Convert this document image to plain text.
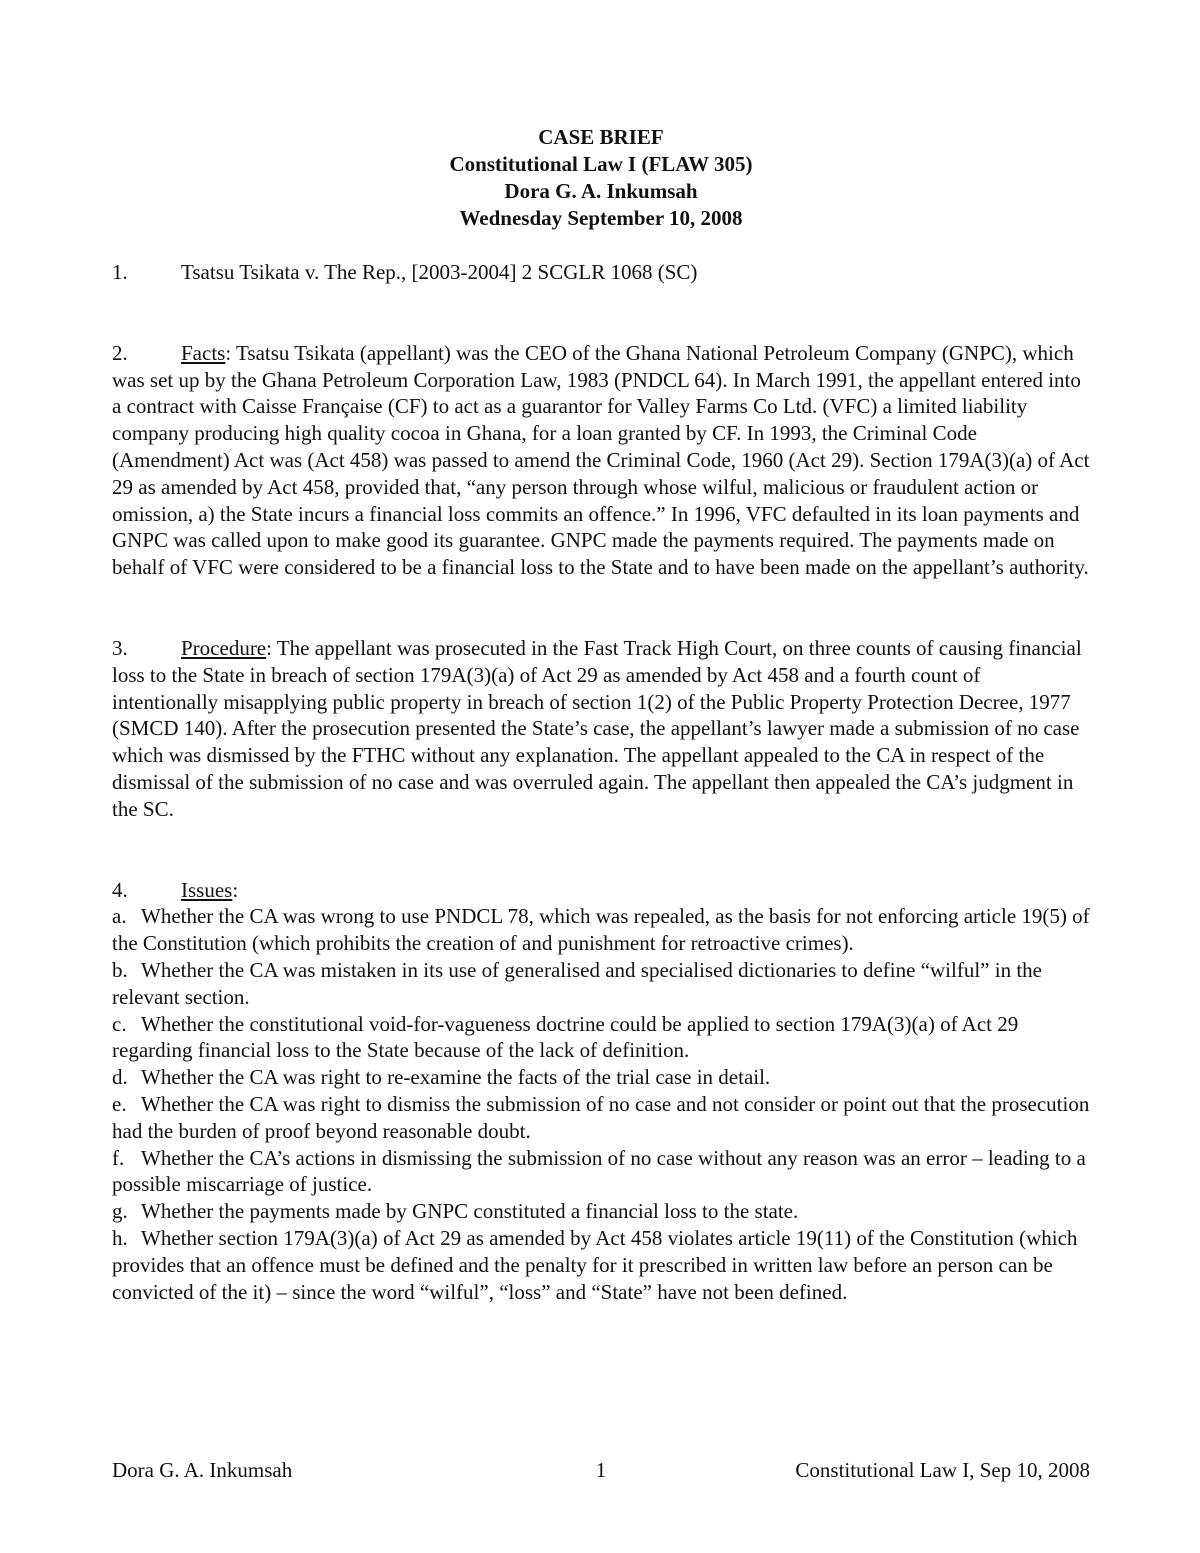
CASE BRIEF
Constitutional Law I (FLAW 305)
Dora G. A. Inkumsah
Wednesday September 10, 2008
1.	Tsatsu Tsikata v. The Rep., [2003-2004] 2 SCGLR 1068 (SC)
2.	Facts: Tsatsu Tsikata (appellant) was the CEO of the Ghana National Petroleum Company (GNPC), which was set up by the Ghana Petroleum Corporation Law, 1983 (PNDCL 64). In March 1991, the appellant entered into a contract with Caisse Française (CF) to act as a guarantor for Valley Farms Co Ltd. (VFC) a limited liability company producing high quality cocoa in Ghana, for a loan granted by CF. In 1993, the Criminal Code (Amendment) Act was (Act 458) was passed to amend the Criminal Code, 1960 (Act 29). Section 179A(3)(a) of Act 29 as amended by Act 458, provided that, “any person through whose wilful, malicious or fraudulent action or omission, a) the State incurs a financial loss commits an offence.” In 1996, VFC defaulted in its loan payments and GNPC was called upon to make good its guarantee. GNPC made the payments required. The payments made on behalf of VFC were considered to be a financial loss to the State and to have been made on the appellant’s authority.
3.	Procedure: The appellant was prosecuted in the Fast Track High Court, on three counts of causing financial loss to the State in breach of section 179A(3)(a) of Act 29 as amended by Act 458 and a fourth count of intentionally misapplying public property in breach of section 1(2) of the Public Property Protection Decree, 1977 (SMCD 140). After the prosecution presented the State’s case, the appellant’s lawyer made a submission of no case which was dismissed by the FTHC without any explanation. The appellant appealed to the CA in respect of the dismissal of the submission of no case and was overruled again. The appellant then appealed the CA’s judgment in the SC.
4.	Issues:
a. Whether the CA was wrong to use PNDCL 78, which was repealed, as the basis for not enforcing article 19(5) of the Constitution (which prohibits the creation of and punishment for retroactive crimes).
b. Whether the CA was mistaken in its use of generalised and specialised dictionaries to define “wilful” in the relevant section.
c. Whether the constitutional void-for-vagueness doctrine could be applied to section 179A(3)(a) of Act 29 regarding financial loss to the State because of the lack of definition.
d. Whether the CA was right to re-examine the facts of the trial case in detail.
e. Whether the CA was right to dismiss the submission of no case and not consider or point out that the prosecution had the burden of proof beyond reasonable doubt.
f. Whether the CA’s actions in dismissing the submission of no case without any reason was an error – leading to a possible miscarriage of justice.
g. Whether the payments made by GNPC constituted a financial loss to the state.
h. Whether section 179A(3)(a) of Act 29 as amended by Act 458 violates article 19(11) of the Constitution (which provides that an offence must be defined and the penalty for it prescribed in written law before an person can be convicted of the it) – since the word “wilful”, “loss” and “State” have not been defined.
Dora G. A. Inkumsah	1	Constitutional Law I, Sep 10, 2008
